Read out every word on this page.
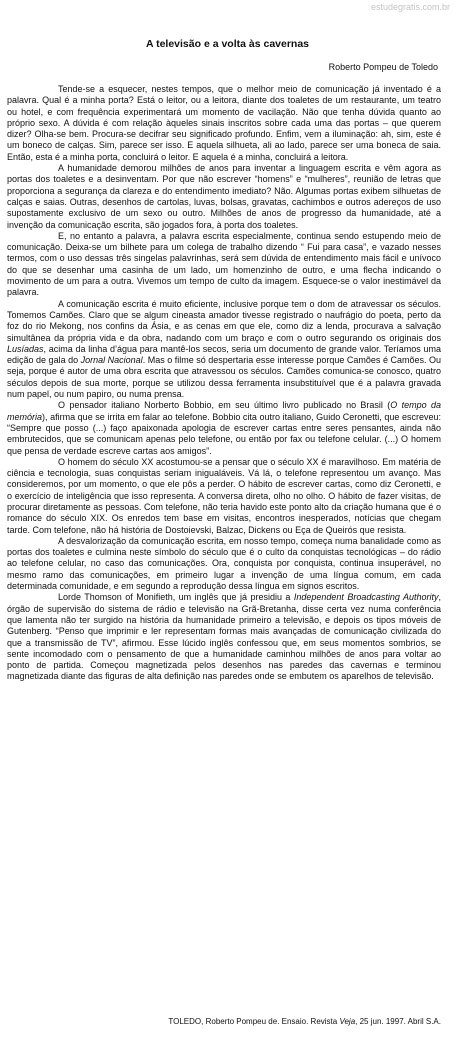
estudegratis.com.br
A televisão e a volta às cavernas
Roberto Pompeu de Toledo

Tende-se a esquecer, nestes tempos, que o melhor meio de comunicação já inventado é a palavra. Qual é a minha porta? Está o leitor, ou a leitora, diante dos toaletes de um restaurante, um teatro ou hotel, e com frequência experimentará um momento de vacilação. Não que tenha dúvida quanto ao próprio sexo. A dúvida é com relação àqueles sinais inscritos sobre cada uma das portas – que querem dizer? Olha-se bem. Procura-se decifrar seu significado profundo. Enfim, vem a iluminação: ah, sim, este é um boneco de calças. Sim, parece ser isso. E aquela silhueta, ali ao lado, parece ser uma boneca de saia. Então, esta é a minha porta, concluirá o leitor. E aquela é a minha, concluirá a leitora.

A humanidade demorou milhões de anos para inventar a linguagem escrita e vêm agora as portas dos toaletes e a desinventam. Por que não escrever “homens” e “mulheres”, reunião de letras que proporciona a segurança da clareza e do entendimento imediato? Não. Algumas portas exibem silhuetas de calças e saias. Outras, desenhos de cartolas, luvas, bolsas, gravatas, cachimbos e outros adereços de uso supostamente exclusivo de um sexo ou outro. Milhões de anos de progresso da humanidade, até a invenção da comunicação escrita, são jogados fora, à porta dos toaletes.

E, no entanto a palavra, a palavra escrita especialmente, continua sendo estupendo meio de comunicação. Deixa-se um bilhete para um colega de trabalho dizendo “ Fui para casa”, e vazado nesses termos, com o uso dessas três singelas palavrinhas, será sem dúvida de entendimento mais fácil e unívoco do que se desenhar uma casinha de um lado, um homenzinho de outro, e uma flecha indicando o movimento de um para a outra. Vivemos um tempo de culto da imagem. Esquece-se o valor inestimável da palavra.

A comunicação escrita é muito eficiente, inclusive porque tem o dom de atravessar os séculos. Tomemos Camões. Claro que se algum cineasta amador tivesse registrado o naufrágio do poeta, perto da foz do rio Mekong, nos confins da Ásia, e as cenas em que ele, como diz a lenda, procurava a salvação simultânea da própria vida e da obra, nadando com um braço e com o outro segurando os originais dos Lusíadas, acima da linha d’água para mantê-los secos, seria um documento de grande valor. Teríamos uma edição de gala do Jornal Nacional. Mas o filme só despertaria esse interesse porque Camões é Camões. Ou seja, porque é autor de uma obra escrita que atravessou os séculos. Camões comunica-se conosco, quatro séculos depois de sua morte, porque se utilizou dessa ferramenta insubstituível que é a palavra gravada num papel, ou num papiro, ou numa prensa.

O pensador italiano Norberto Bobbio, em seu último livro publicado no Brasil (O tempo da memória), afirma que se irrita em falar ao telefone. Bobbio cita outro italiano, Guido Ceronetti, que escreveu: “Sempre que posso (...) faço apaixonada apologia de escrever cartas entre seres pensantes, ainda não embrutecidos, que se comunicam apenas pelo telefone, ou então por fax ou telefone celular. (...) O homem que pensa de verdade escreve cartas aos amigos”.

O homem do século XX acostumou-se a pensar que o século XX é maravilhoso. Em matéria de ciência e tecnologia, suas conquistas seriam inigualáveis. Vá lá, o telefone representou um avanço. Mas consideremos, por um momento, o que ele pôs a perder. O hábito de escrever cartas, como diz Ceronetti, e o exercício de inteligência que isso representa. A conversa direta, olho no olho. O hábito de fazer visitas, de procurar diretamente as pessoas. Com telefone, não teria havido este ponto alto da criação humana que é o romance do século XIX. Os enredos tem base em visitas, encontros inesperados, notícias que chegam tarde. Com telefone, não há história de Dostoievski, Balzac, Dickens ou Eça de Queirós que resista.

A desvalorização da comunicação escrita, em nosso tempo, começa numa banalidade como as portas dos toaletes e culmina neste símbolo do século que é o culto da conquistas tecnológicas – do rádio ao telefone celular, no caso das comunicações. Ora, conquista por conquista, continua insuperável, no mesmo ramo das comunicações, em primeiro lugar a invenção de uma língua comum, em cada determinada comunidade, e em segundo a reprodução dessa língua em signos escritos.

Lorde Thomson of Monifieth, um inglês que já presidiu a Independent Broadcasting Authority, órgão de supervisão do sistema de rádio e televisão na Grã-Bretanha, disse certa vez numa conferência que lamenta não ter surgido na história da humanidade primeiro a televisão, e depois os tipos móveis de Gutenberg. “Penso que imprimir e ler representam formas mais avançadas de comunicação civilizada do que a transmissão de TV”, afirmou. Esse lúcido inglês confessou que, em seus momentos sombrios, se sente incomodado com o pensamento de que a humanidade caminhou milhões de anos para voltar ao ponto de partida. Começou magnetizada pelos desenhos nas paredes das cavernas e terminou magnetizada diante das figuras de alta definição nas paredes onde se embutem os aparelhos de televisão.

TOLEDO, Roberto Pompeu de. Ensaio. Revista Veja, 25 jun. 1997. Abril S.A.
